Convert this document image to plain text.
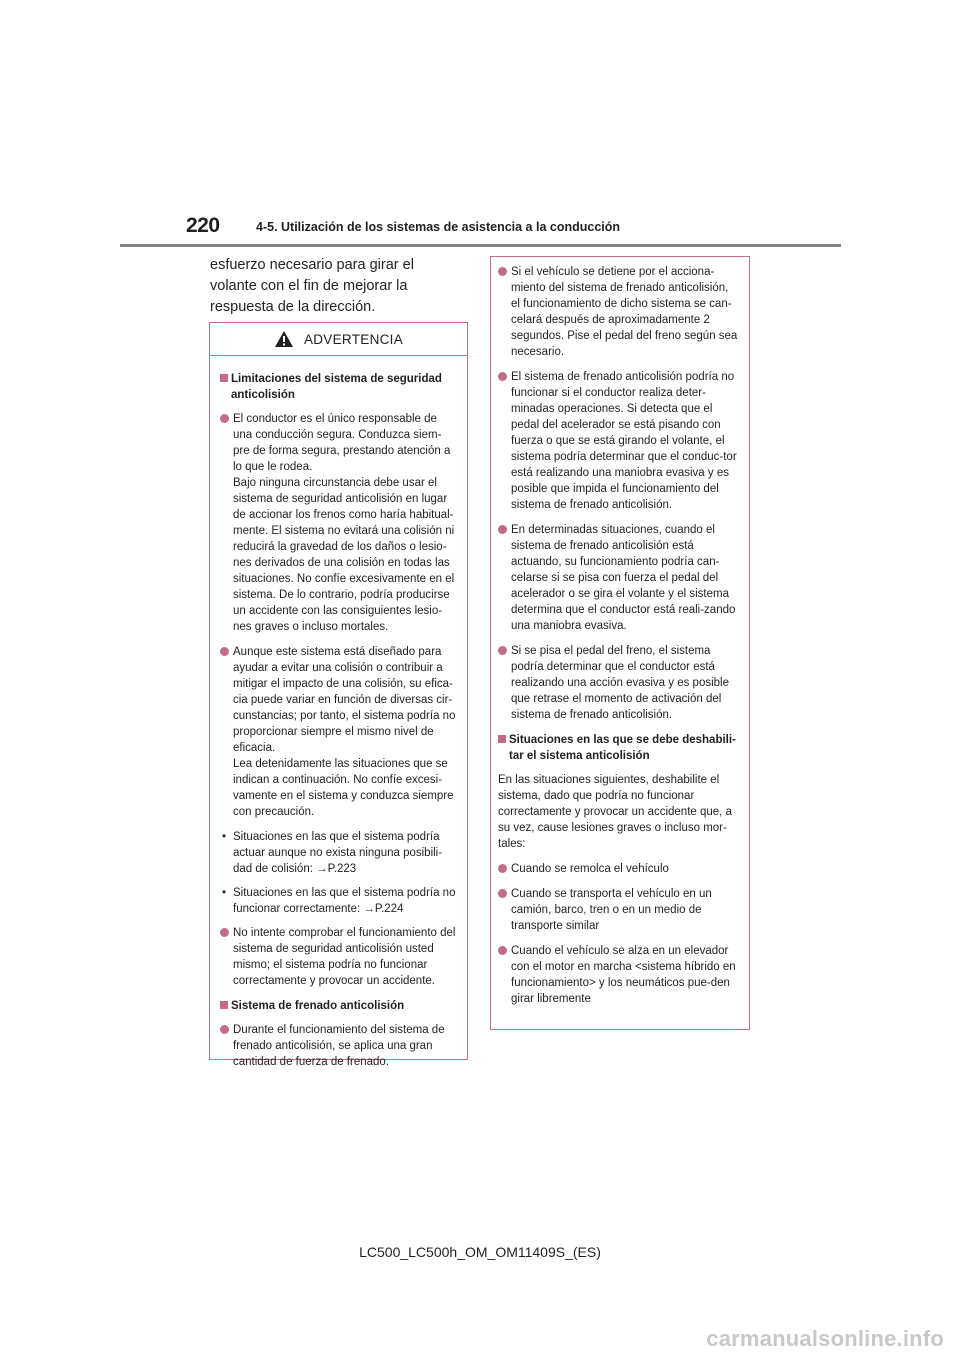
220	4-5. Utilización de los sistemas de asistencia a la conducción
esfuerzo necesario para girar el volante con el fin de mejorar la respuesta de la dirección.
ADVERTENCIA
Limitaciones del sistema de seguridad anticolisión
El conductor es el único responsable de una conducción segura. Conduzca siem-pre de forma segura, prestando atención a lo que le rodea.
Bajo ninguna circunstancia debe usar el sistema de seguridad anticolisión en lugar de accionar los frenos como haría habitual-mente. El sistema no evitará una colisión ni reducirá la gravedad de los daños o lesio-nes derivados de una colisión en todas las situaciones. No confíe excesivamente en el sistema. De lo contrario, podría producirse un accidente con las consiguientes lesio-nes graves o incluso mortales.
Aunque este sistema está diseñado para ayudar a evitar una colisión o contribuir a mitigar el impacto de una colisión, su efica-cia puede variar en función de diversas cir-cunstancias; por tanto, el sistema podría no proporcionar siempre el mismo nivel de eficacia.
Lea detenidamente las situaciones que se indican a continuación. No confíe excesi-vamente en el sistema y conduzca siempre con precaución.
• Situaciones en las que el sistema podría actuar aunque no exista ninguna posibili-dad de colisión: →P.223
• Situaciones en las que el sistema podría no funcionar correctamente: →P.224
No intente comprobar el funcionamiento del sistema de seguridad anticolisión usted mismo; el sistema podría no funcionar correctamente y provocar un accidente.
Sistema de frenado anticolisión
Durante el funcionamiento del sistema de frenado anticolisión, se aplica una gran cantidad de fuerza de frenado.
Si el vehículo se detiene por el acciona-miento del sistema de frenado anticolisión, el funcionamiento de dicho sistema se can-celará después de aproximadamente 2 segundos. Pise el pedal del freno según sea necesario.
El sistema de frenado anticolisión podría no funcionar si el conductor realiza deter-minadas operaciones. Si detecta que el pedal del acelerador se está pisando con fuerza o que se está girando el volante, el sistema podría determinar que el conduc-tor está realizando una maniobra evasiva y es posible que impida el funcionamiento del sistema de frenado anticolisión.
En determinadas situaciones, cuando el sistema de frenado anticolisión está actuando, su funcionamiento podría can-celarse si se pisa con fuerza el pedal del acelerador o se gira el volante y el sistema determina que el conductor está reali-zando una maniobra evasiva.
Si se pisa el pedal del freno, el sistema podría determinar que el conductor está realizando una acción evasiva y es posible que retrase el momento de activación del sistema de frenado anticolisión.
Situaciones en las que se debe deshabili-tar el sistema anticolisión
En las situaciones siguientes, deshabilite el sistema, dado que podría no funcionar correctamente y provocar un accidente que, a su vez, cause lesiones graves o incluso mor-tales:
Cuando se remolca el vehículo
Cuando se transporta el vehículo en un camión, barco, tren o en un medio de transporte similar
Cuando el vehículo se alza en un elevador con el motor en marcha <sistema híbrido en funcionamiento> y los neumáticos pue-den girar libremente
LC500_LC500h_OM_OM11409S_(ES)
carmanualsonline.info
